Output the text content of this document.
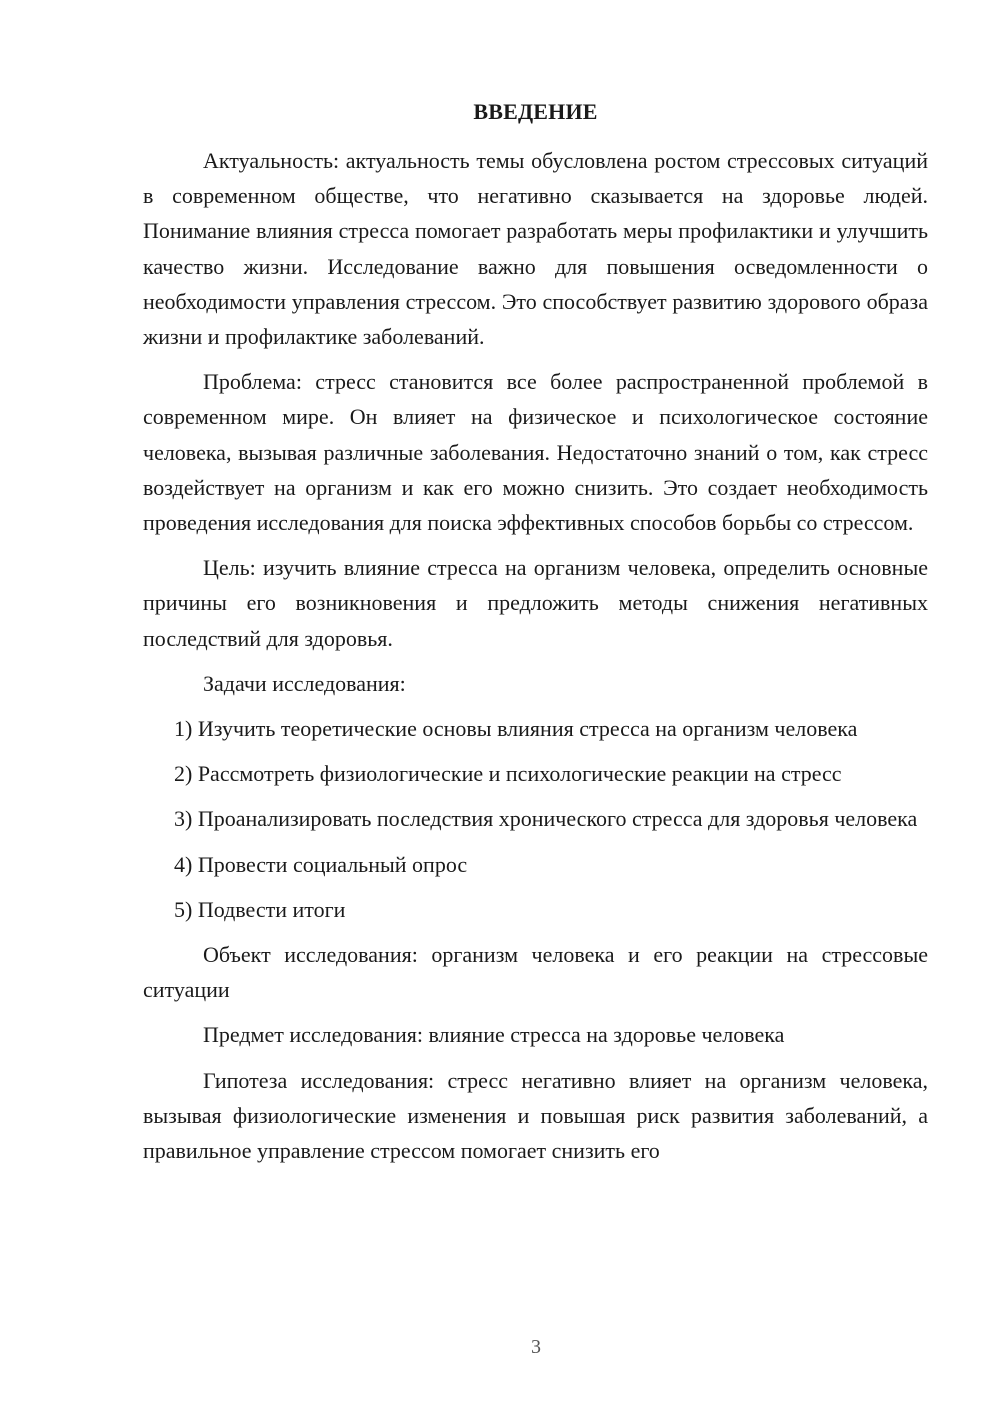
ВВЕДЕНИЕ
Актуальность: актуальность темы обусловлена ростом стрессовых ситуаций в современном обществе, что негативно сказывается на здоровье людей. Понимание влияния стресса помогает разработать меры профилактики и улучшить качество жизни. Исследование важно для повышения осведомленности о необходимости управления стрессом. Это способствует развитию здорового образа жизни и профилактике заболеваний.
Проблема: стресс становится все более распространенной проблемой в современном мире. Он влияет на физическое и психологическое состояние человека, вызывая различные заболевания. Недостаточно знаний о том, как стресс воздействует на организм и как его можно снизить. Это создает необходимость проведения исследования для поиска эффективных способов борьбы со стрессом.
Цель: изучить влияние стресса на организм человека, определить основные причины его возникновения и предложить методы снижения негативных последствий для здоровья.
Задачи исследования:
1) Изучить теоретические основы влияния стресса на организм человека
2) Рассмотреть физиологические и психологические реакции на стресс
3) Проанализировать последствия хронического стресса для здоровья человека
4) Провести социальный опрос
5) Подвести итоги
Объект исследования: организм человека и его реакции на стрессовые ситуации
Предмет исследования: влияние стресса на здоровье человека
Гипотеза исследования: стресс негативно влияет на организм человека, вызывая физиологические изменения и повышая риск развития заболеваний, а правильное управление стрессом помогает снизить его
3
